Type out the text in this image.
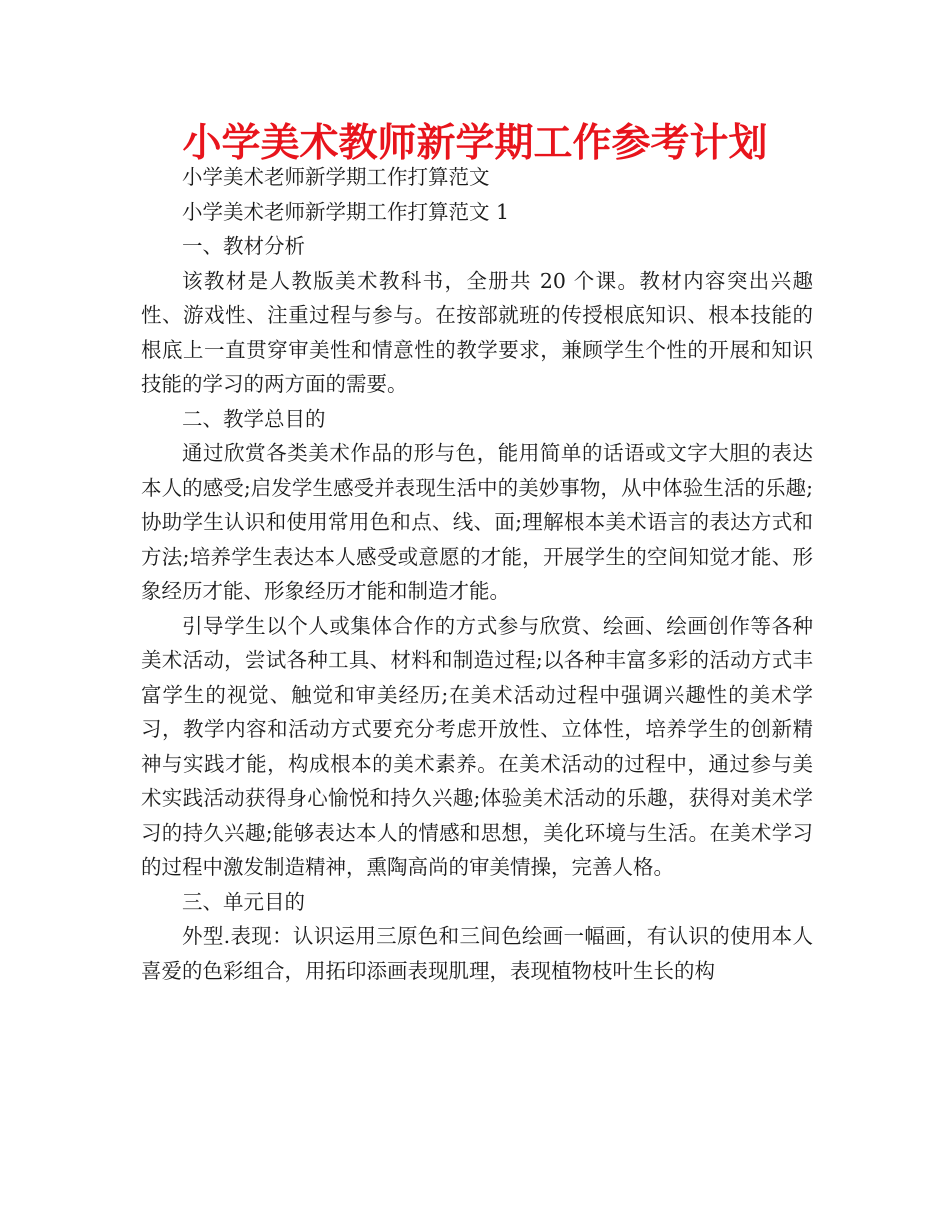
小学美术教师新学期工作参考计划

小学美术老师新学期工作打算范文

小学美术老师新学期工作打算范文 1

一、教材分析

该教材是人教版美术教科书，全册共 20 个课。教材内容突出兴趣性、游戏性、注重过程与参与。在按部就班的传授根底知识、根本技能的根底上一直贯穿审美性和情意性的教学要求，兼顾学生个性的开展和知识技能的学习的两方面的需要。

二、教学总目的

通过欣赏各类美术作品的形与色，能用简单的话语或文字大胆的表达本人的感受;启发学生感受并表现生活中的美妙事物，从中体验生活的乐趣;协助学生认识和使用常用色和点、线、面;理解根本美术语言的表达方式和方法;培养学生表达本人感受或意愿的才能，开展学生的空间知觉才能、形象经历才能、形象经历才能和制造才能。

引导学生以个人或集体合作的方式参与欣赏、绘画、绘画创作等各种美术活动，尝试各种工具、材料和制造过程;以各种丰富多彩的活动方式丰富学生的视觉、触觉和审美经历;在美术活动过程中强调兴趣性的美术学习，教学内容和活动方式要充分考虑开放性、立体性，培养学生的创新精神与实践才能，构成根本的美术素养。在美术活动的过程中，通过参与美术实践活动获得身心愉悦和持久兴趣;体验美术活动的乐趣，获得对美术学习的持久兴趣;能够表达本人的情感和思想，美化环境与生活。在美术学习的过程中激发制造精神，熏陶高尚的审美情操，完善人格。

三、单元目的

外型.表现：认识运用三原色和三间色绘画一幅画，有认识的使用本人喜爱的色彩组合，用拓印添画表现肌理，表现植物枝叶生长的构
